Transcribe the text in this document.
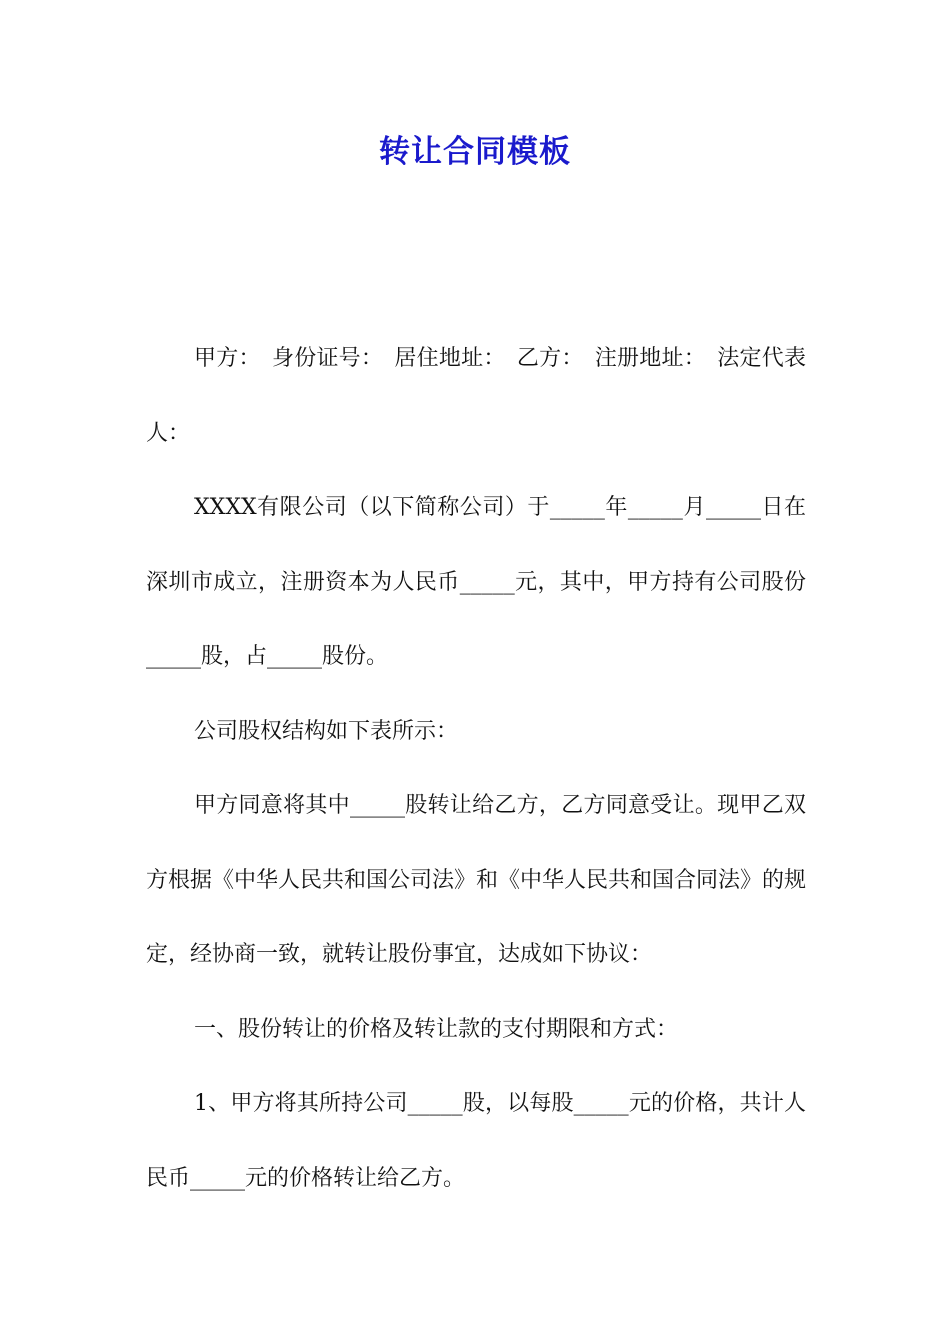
转让合同模板

甲方：　身份证号：　居住地址：　乙方：　注册地址：　法定代表人：

XXXX有限公司（以下简称公司）于_____年_____月_____日在深圳市成立，注册资本为人民币_____元，其中，甲方持有公司股份_____股，占_____股份。

公司股权结构如下表所示：

甲方同意将其中_____股转让给乙方，乙方同意受让。现甲乙双方根据《中华人民共和国公司法》和《中华人民共和国合同法》的规定，经协商一致，就转让股份事宜，达成如下协议：

一、股份转让的价格及转让款的支付期限和方式：

1、甲方将其所持公司_____股，以每股_____元的价格，共计人民币_____元的价格转让给乙方。
